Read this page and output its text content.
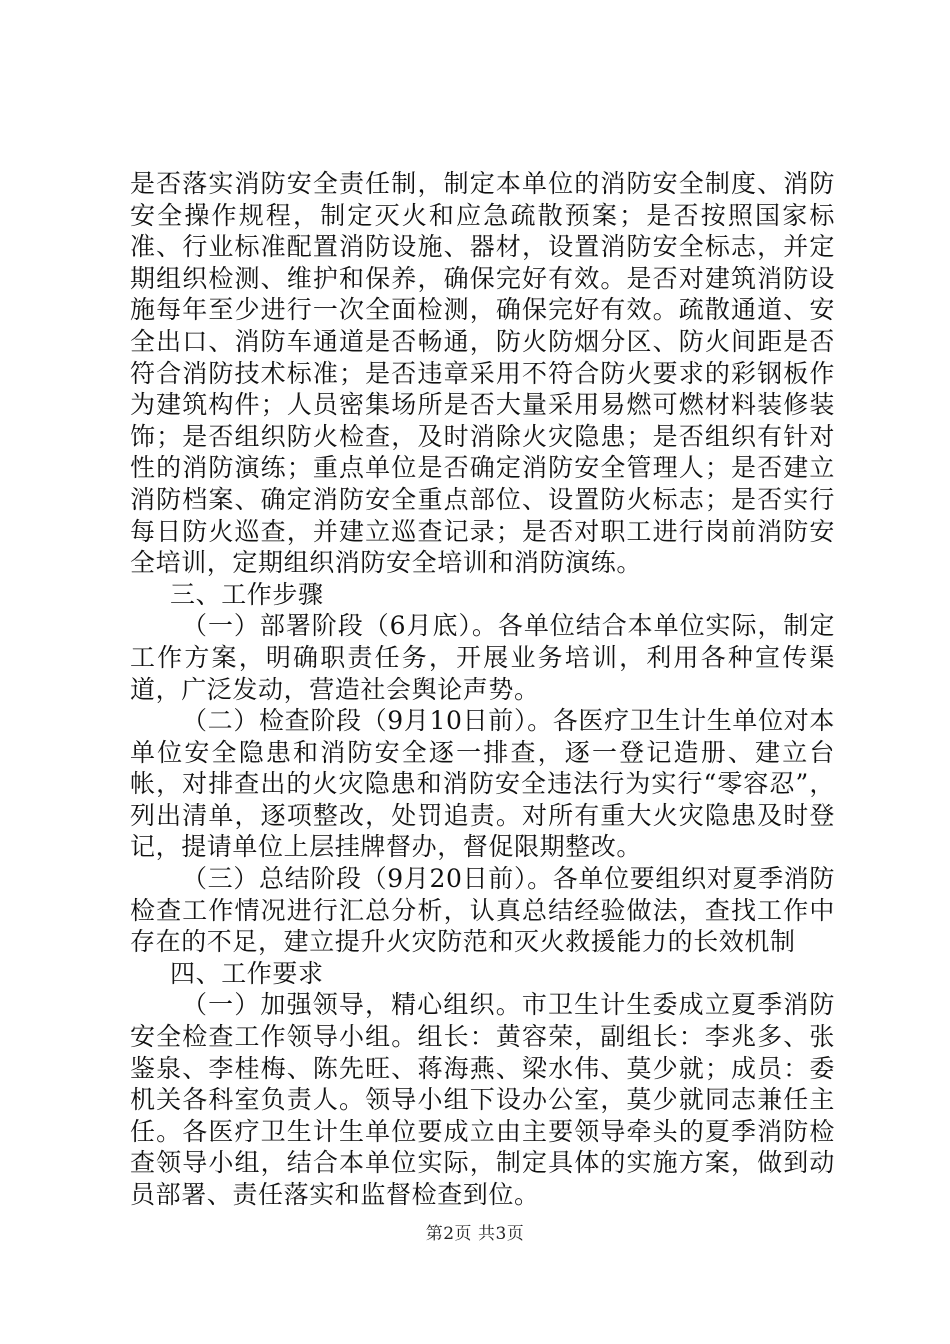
是否落实消防安全责任制，制定本单位的消防安全制度、消防安全操作规程，制定灭火和应急疏散预案；是否按照国家标准、行业标准配置消防设施、器材，设置消防安全标志，并定期组织检测、维护和保养，确保完好有效。是否对建筑消防设施每年至少进行一次全面检测，确保完好有效。疏散通道、安全出口、消防车通道是否畅通，防火防烟分区、防火间距是否符合消防技术标准；是否违章采用不符合防火要求的彩钢板作为建筑构件；人员密集场所是否大量采用易燃可燃材料装修装饰；是否组织防火检查，及时消除火灾隐患；是否组织有针对性的消防演练；重点单位是否确定消防安全管理人；是否建立消防档案、确定消防安全重点部位、设置防火标志；是否实行每日防火巡查，并建立巡查记录；是否对职工进行岗前消防安全培训，定期组织消防安全培训和消防演练。

三、工作步骤

（一）部署阶段（6月底）。各单位结合本单位实际，制定工作方案，明确职责任务，开展业务培训，利用各种宣传渠道，广泛发动，营造社会舆论声势。

（二）检查阶段（9月10日前）。各医疗卫生计生单位对本单位安全隐患和消防安全逐一排查，逐一登记造册、建立台帐，对排查出的火灾隐患和消防安全违法行为实行“零容忍”，列出清单，逐项整改，处罚追责。对所有重大火灾隐患及时登记，提请单位上层挂牌督办，督促限期整改。

（三）总结阶段（9月20日前）。各单位要组织对夏季消防检查工作情况进行汇总分析，认真总结经验做法，查找工作中存在的不足，建立提升火灾防范和灭火救援能力的长效机制

四、工作要求

（一）加强领导，精心组织。市卫生计生委成立夏季消防安全检查工作领导小组。组长：黄容荣，副组长：李兆多、张鉴泉、李桂梅、陈先旺、蒋海燕、梁水伟、莫少就；成员：委机关各科室负责人。领导小组下设办公室，莫少就同志兼任主任。各医疗卫生计生单位要成立由主要领导牵头的夏季消防检查领导小组，结合本单位实际，制定具体的实施方案，做到动员部署、责任落实和监督检查到位。

第2页 共3页
